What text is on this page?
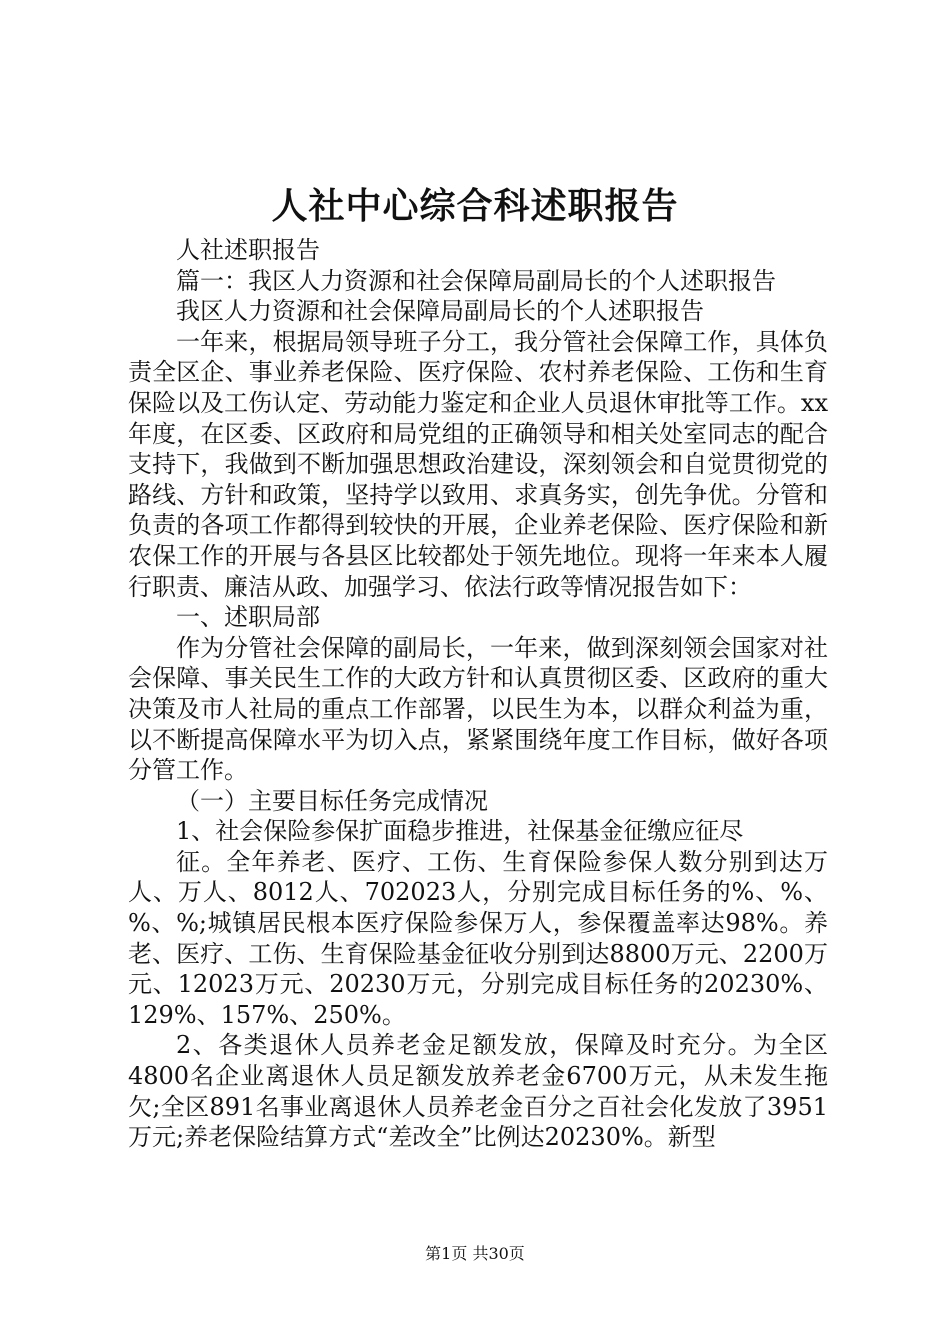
人社中心综合科述职报告

人社述职报告

篇一：我区人力资源和社会保障局副局长的个人述职报告

我区人力资源和社会保障局副局长的个人述职报告

一年来，根据局领导班子分工，我分管社会保障工作，具体负责全区企、事业养老保险、医疗保险、农村养老保险、工伤和生育保险以及工伤认定、劳动能力鉴定和企业人员退休审批等工作。xx年度，在区委、区政府和局党组的正确领导和相关处室同志的配合支持下，我做到不断加强思想政治建设，深刻领会和自觉贯彻党的路线、方针和政策，坚持学以致用、求真务实，创先争优。分管和负责的各项工作都得到较快的开展，企业养老保险、医疗保险和新农保工作的开展与各县区比较都处于领先地位。现将一年来本人履行职责、廉洁从政、加强学习、依法行政等情况报告如下：

一、述职局部

作为分管社会保障的副局长，一年来，做到深刻领会国家对社会保障、事关民生工作的大政方针和认真贯彻区委、区政府的重大决策及市人社局的重点工作部署，以民生为本，以群众利益为重，以不断提高保障水平为切入点，紧紧围绕年度工作目标，做好各项分管工作。

（一）主要目标任务完成情况

1、社会保险参保扩面稳步推进，社保基金征缴应征尽

征。全年养老、医疗、工伤、生育保险参保人数分别到达万人、万人、8012人、702023人，分别完成目标任务的%、%、%、%;城镇居民根本医疗保险参保万人，参保覆盖率达98%。养老、医疗、工伤、生育保险基金征收分别到达8800万元、2200万元、12023万元、20230万元，分别完成目标任务的20230%、129%、157%、250%。

2、各类退休人员养老金足额发放，保障及时充分。为全区4800名企业离退休人员足额发放养老金6700万元，从未发生拖欠;全区891名事业离退休人员养老金百分之百社会化发放了3951万元;养老保险结算方式“差改全”比例达20230%。新型

第1页 共30页
